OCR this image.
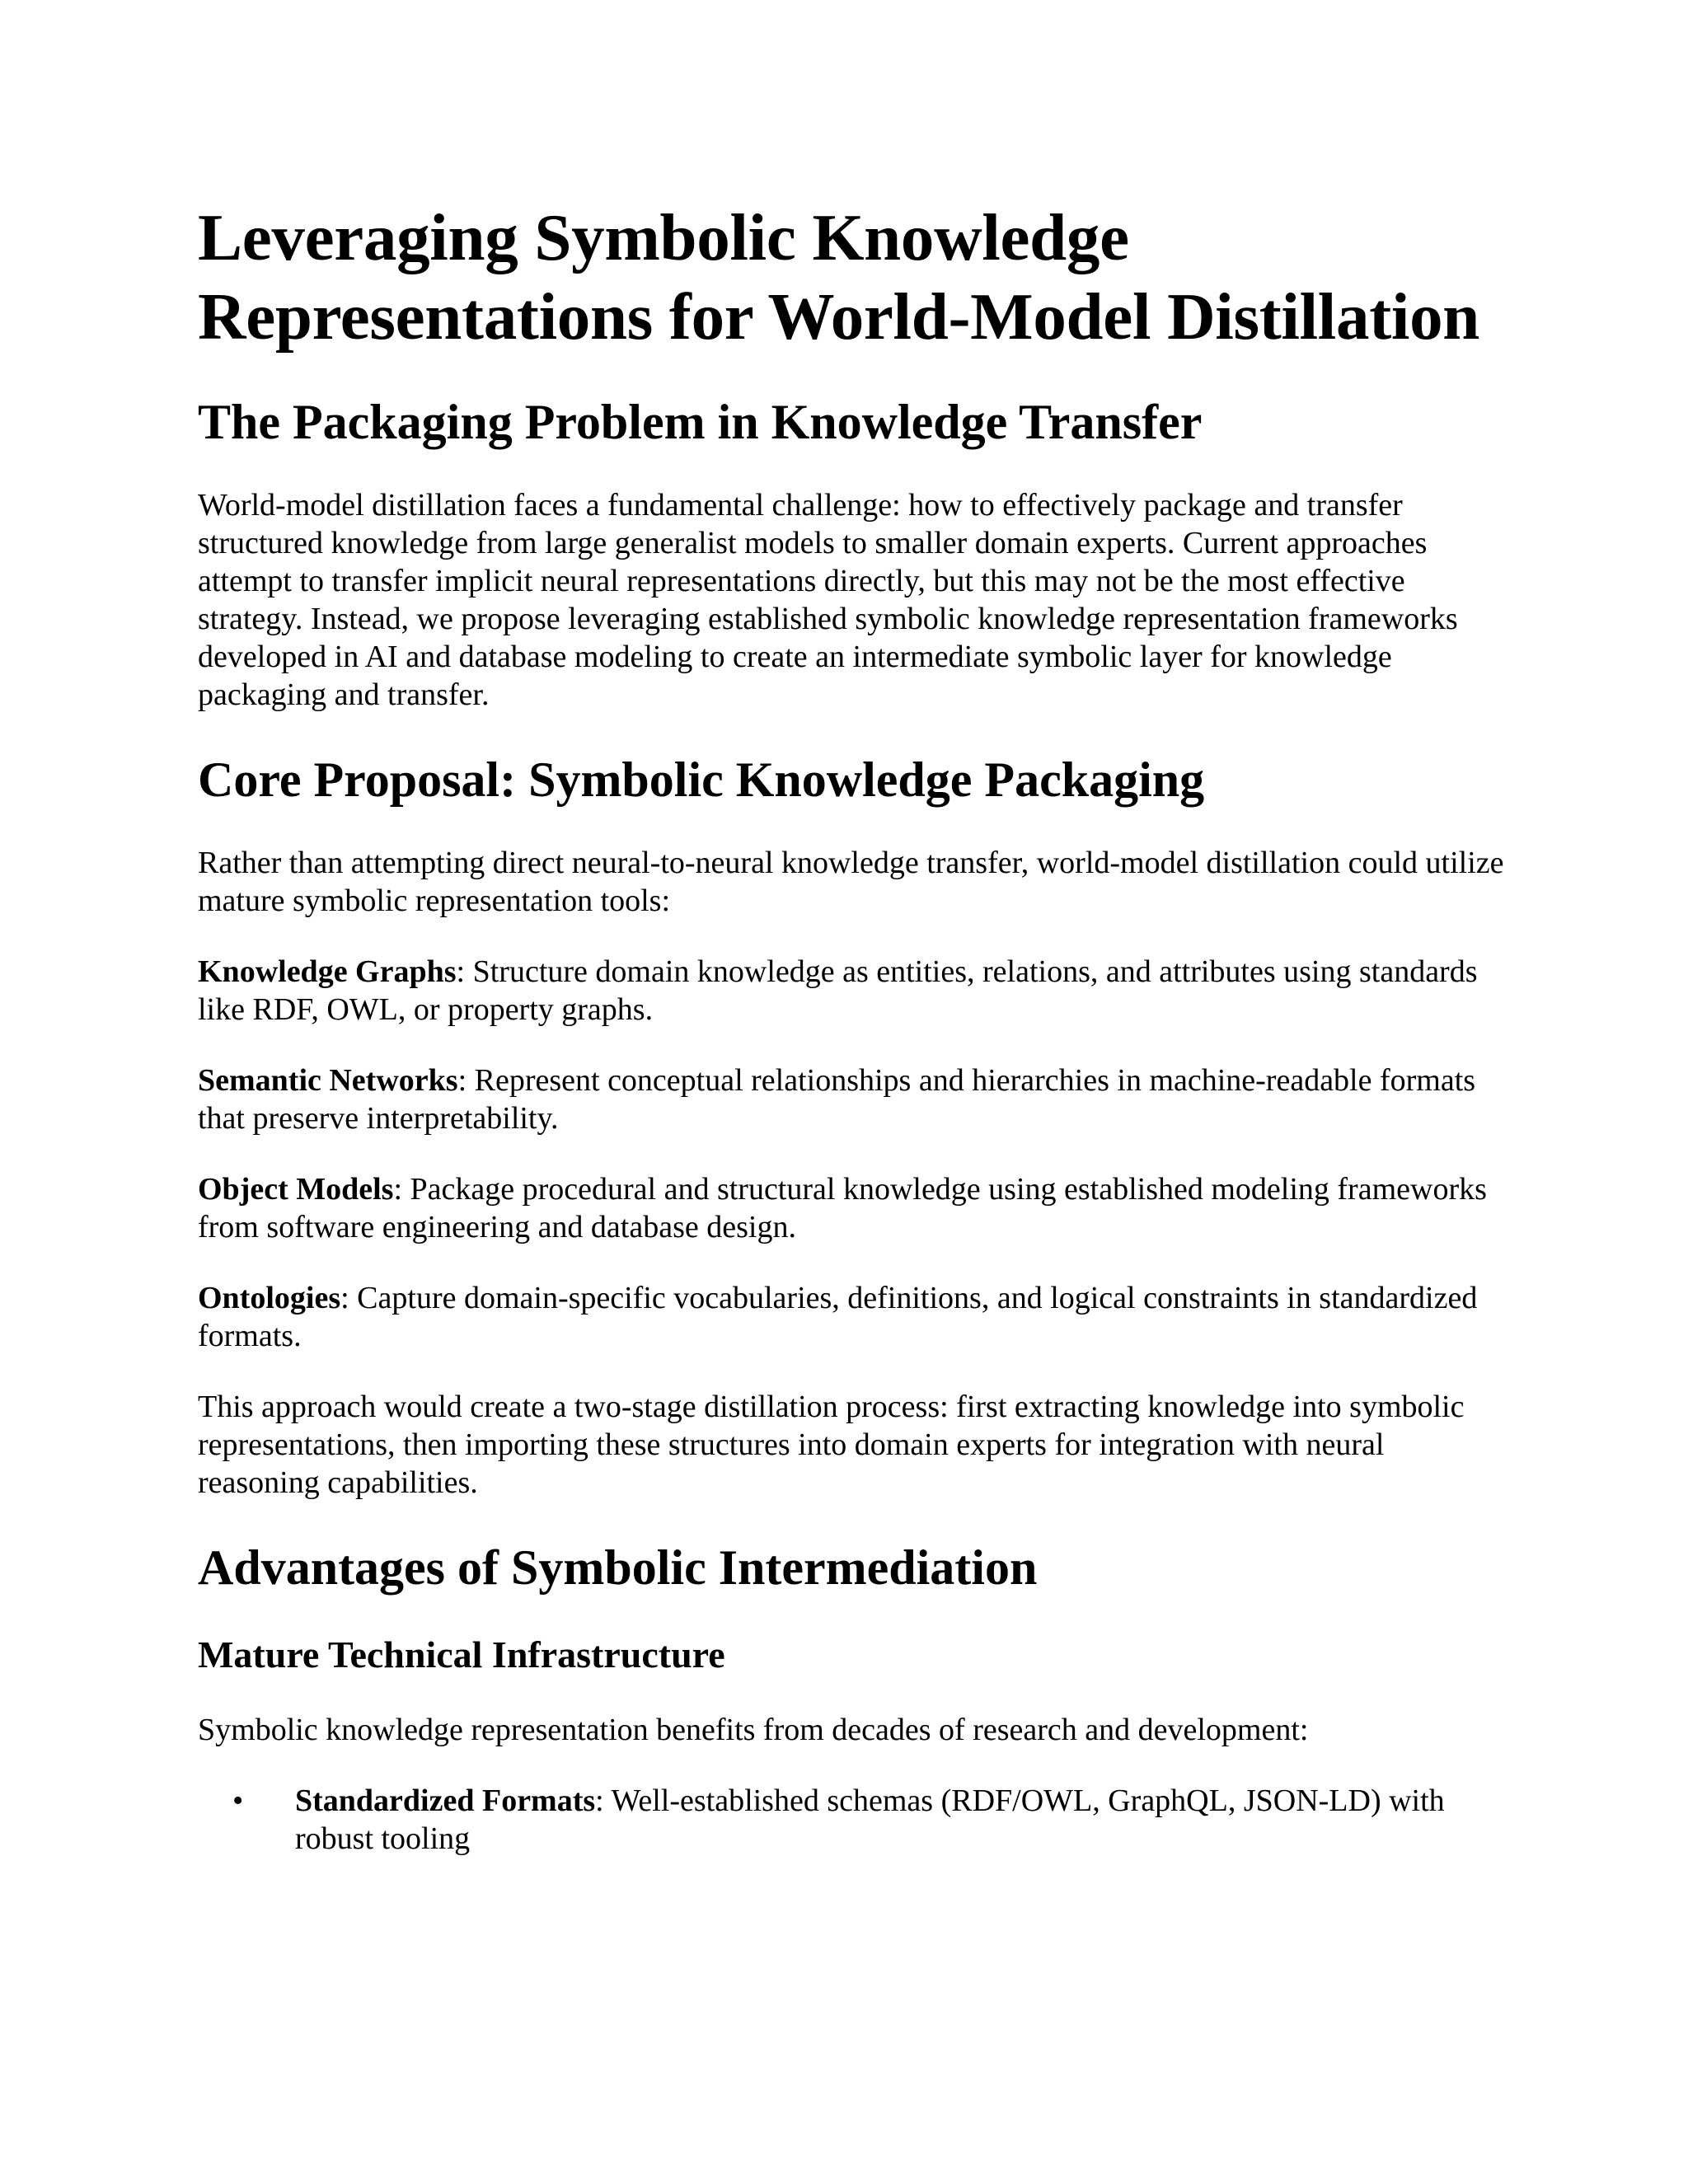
Leveraging Symbolic Knowledge Representations for World-Model Distillation
The Packaging Problem in Knowledge Transfer

World-model distillation faces a fundamental challenge: how to effectively package and transfer structured knowledge from large generalist models to smaller domain experts. Current approaches attempt to transfer implicit neural representations directly, but this may not be the most effective strategy. Instead, we propose leveraging established symbolic knowledge representation frameworks developed in AI and database modeling to create an intermediate symbolic layer for knowledge packaging and transfer.

Core Proposal: Symbolic Knowledge Packaging

Rather than attempting direct neural-to-neural knowledge transfer, world-model distillation could utilize mature symbolic representation tools:

Knowledge Graphs: Structure domain knowledge as entities, relations, and attributes using standards like RDF, OWL, or property graphs.

Semantic Networks: Represent conceptual relationships and hierarchies in machine-readable formats that preserve interpretability.

Object Models: Package procedural and structural knowledge using established modeling frameworks from software engineering and database design.

Ontologies: Capture domain-specific vocabularies, definitions, and logical constraints in standardized formats.

This approach would create a two-stage distillation process: first extracting knowledge into symbolic representations, then importing these structures into domain experts for integration with neural reasoning capabilities.

Advantages of Symbolic Intermediation
Mature Technical Infrastructure

Symbolic knowledge representation benefits from decades of research and development:

• Standardized Formats: Well-established schemas (RDF/OWL, GraphQL, JSON-LD) with robust tooling
